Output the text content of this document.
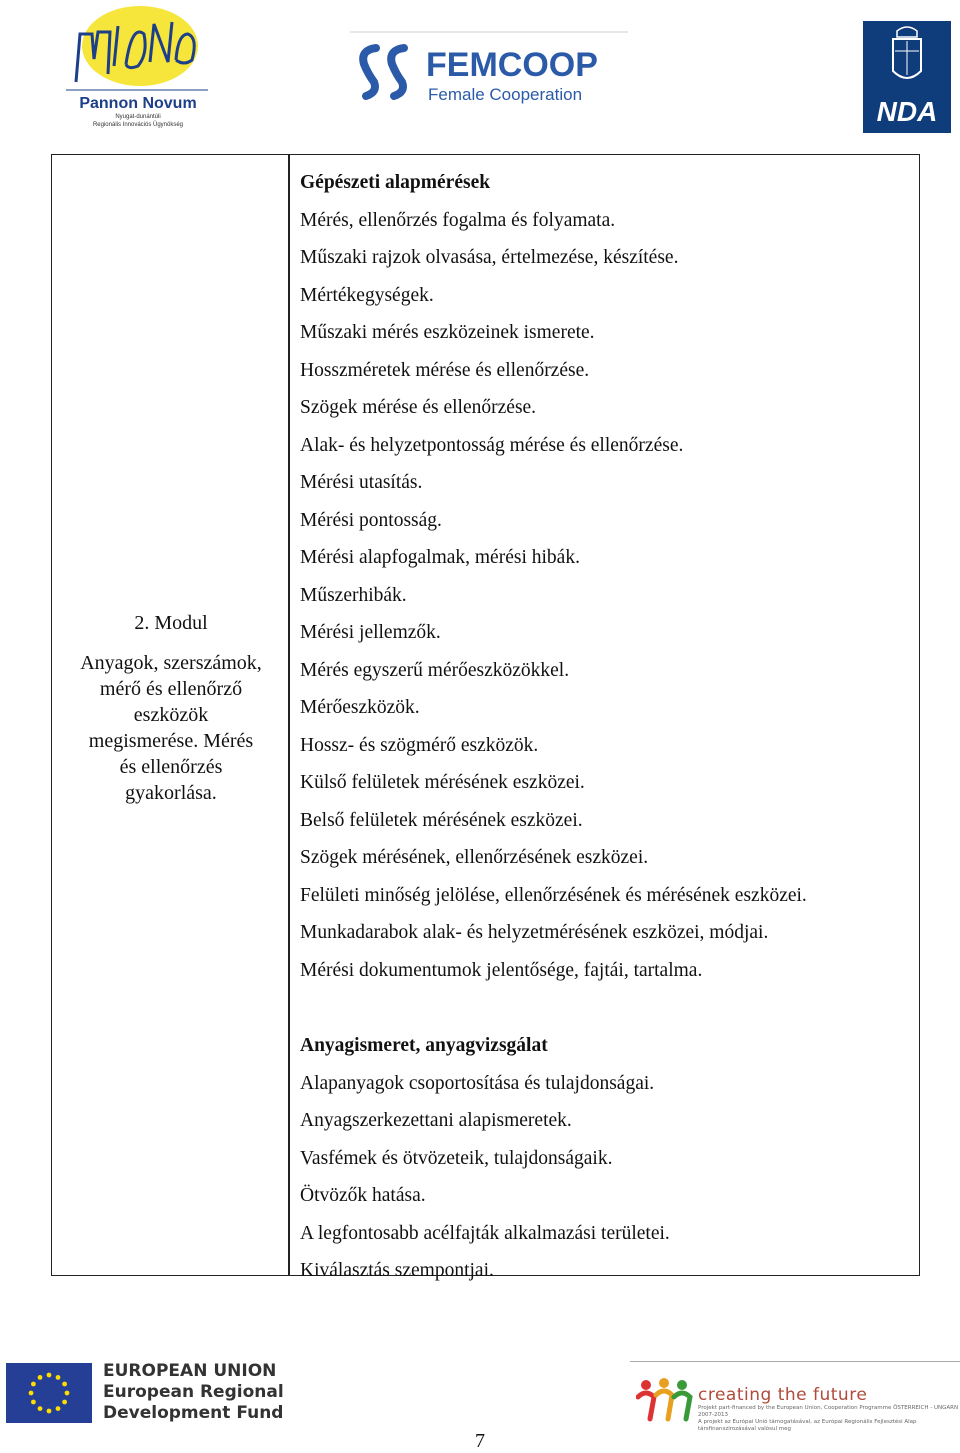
Pannon Novum
Nyugat-dunántúli
Regionális Innovációs Ügynökség
FEMCOOP
Female Cooperation
NDA
2. Modul
Anyagok, szerszámok,
mérő és ellenőrző
eszközök
megismerése. Mérés
és ellenőrzés
gyakorlása.
Gépészeti alapmérések
Mérés, ellenőrzés fogalma és folyamata.
Műszaki rajzok olvasása, értelmezése, készítése.
Mértékegységek.
Műszaki mérés eszközeinek ismerete.
Hosszméretek mérése és ellenőrzése.
Szögek mérése és ellenőrzése.
Alak- és helyzetpontosság mérése és ellenőrzése.
Mérési utasítás.
Mérési pontosság.
Mérési alapfogalmak, mérési hibák.
Műszerhibák.
Mérési jellemzők.
Mérés egyszerű mérőeszközökkel.
Mérőeszközök.
Hossz- és szögmérő eszközök.
Külső felületek mérésének eszközei.
Belső felületek mérésének eszközei.
Szögek mérésének, ellenőrzésének eszközei.
Felületi minőség jelölése, ellenőrzésének és mérésének eszközei.
Munkadarabok alak- és helyzetmérésének eszközei, módjai.
Mérési dokumentumok jelentősége, fajtái, tartalma.
Anyagismeret, anyagvizsgálat
Alapanyagok csoportosítása és tulajdonságai.
Anyagszerkezettani alapismeretek.
Vasfémek és ötvözeteik, tulajdonságaik.
Ötvözők hatása.
A legfontosabb acélfajták alkalmazási területei.
Kiválasztás szempontjai.
EUROPEAN UNION
European Regional
Development Fund
creating the future
Projekt part-financed by the European Union, Cooperation Programme ÖSTERREICH - UNGARN 2007-2013
A projekt az Európai Unió támogatásával, az Európai Regionális Fejlesztési Alap társfinanszírozásával valósul meg
7
